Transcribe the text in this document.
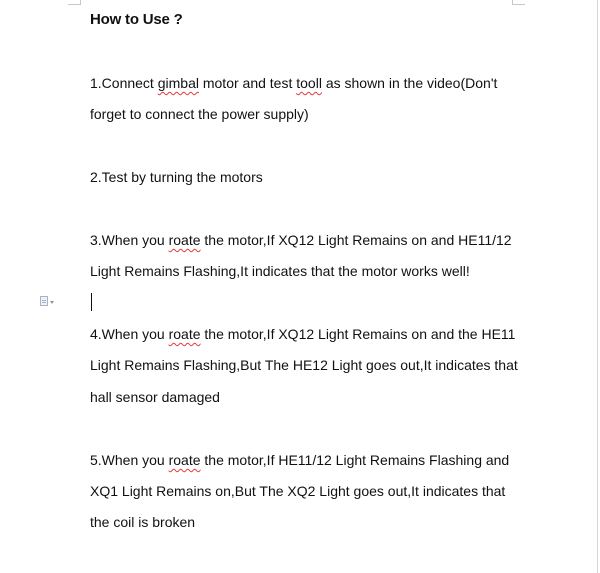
How to Use ?
1.Connect gimbal motor and test tooll as shown in the video(Don't
forget to connect the power supply)
2.Test by turning the motors
3.When you roate the motor,If XQ12 Light Remains on and HE11/12
Light Remains Flashing,It indicates that the motor works well!
4.When you roate the motor,If XQ12 Light Remains on and the HE11
Light Remains Flashing,But The HE12 Light goes out,It indicates that
hall sensor damaged
5.When you roate the motor,If HE11/12 Light Remains Flashing and
XQ1 Light Remains on,But The XQ2 Light goes out,It indicates that
the coil is broken
